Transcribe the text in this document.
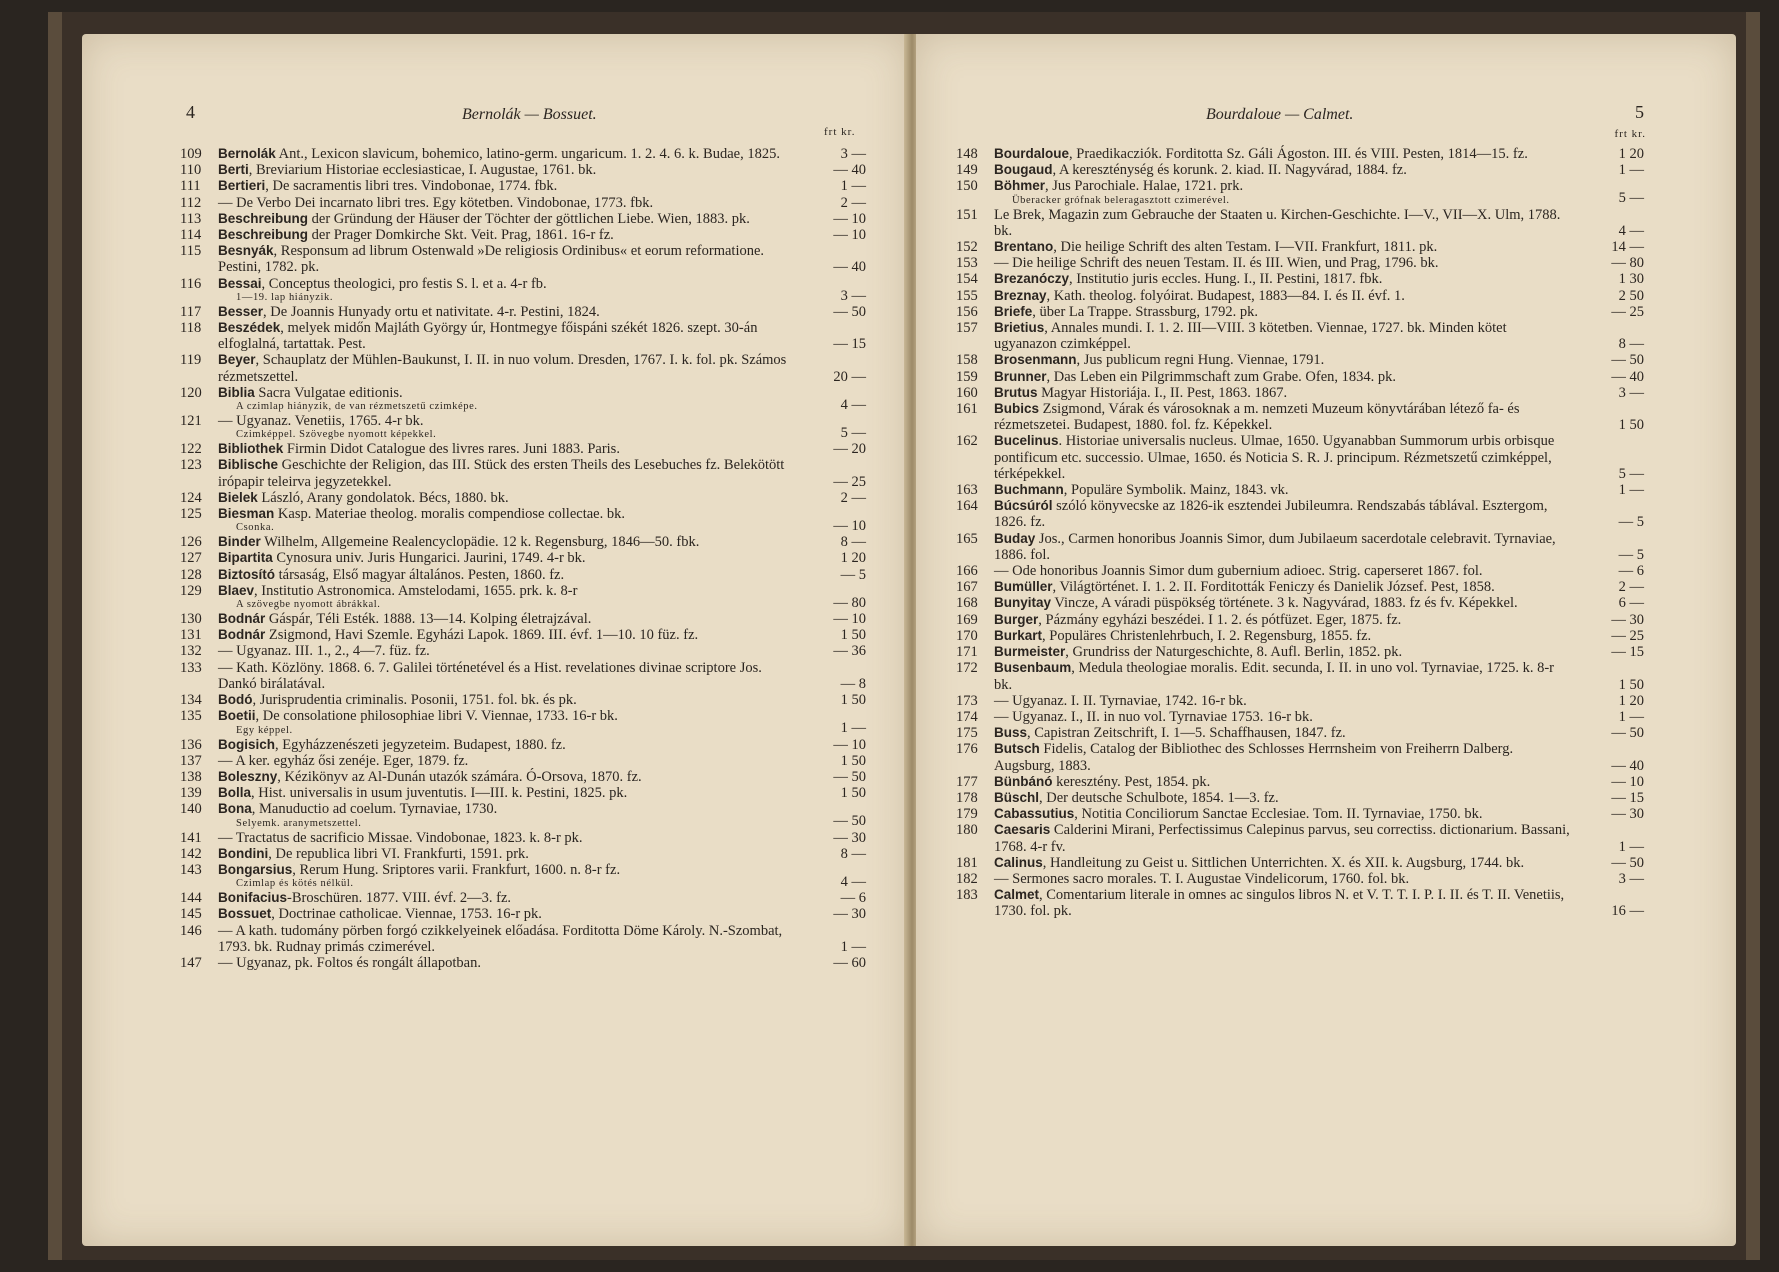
4	Bernolák — Bossuet.
frt kr.
109	Bernolák Ant., Lexicon slavicum, bohemico, latino-germ. ungaricum. 1. 2. 4. 6. k. Budae, 1825.	3 —
110	Berti, Breviarium Historiae ecclesiasticae, I. Augustae, 1761. bk.	— 40
111	Bertieri, De sacramentis libri tres. Vindobonae, 1774. fbk.	1 —
112	— De Verbo Dei incarnato libri tres. Egy kötetben. Vindobonae, 1773. fbk.	2 —
113	Beschreibung der Gründung der Häuser der Töchter der göttlichen Liebe. Wien, 1883. pk.	— 10
114	Beschreibung der Prager Domkirche Skt. Veit. Prag, 1861. 16-r fz.	— 10
115	Besnyák, Responsum ad librum Ostenwald »De religiosis Ordinibus« et eorum reformatione. Pestini, 1782. pk.	— 40
116	Bessai, Conceptus theologici, pro festis S. l. et a. 4-r fb.
1—19. lap hiányzik.	3 —
117	Besser, De Joannis Hunyady ortu et nativitate. 4-r. Pestini, 1824.	— 50
118	Beszédek, melyek midőn Majláth György úr, Hontmegye főispáni székét 1826. szept. 30-án elfoglalná, tartattak. Pest.	— 15
119	Beyer, Schauplatz der Mühlen-Baukunst, I. II. in nuo volum. Dresden, 1767. I. k. fol. pk. Számos rézmetszettel.	20 —
120	Biblia Sacra Vulgatae editionis.
A czimlap hiányzik, de van rézmetszetű czimképe.	4 —
121	— Ugyanaz. Venetiis, 1765. 4-r bk.
Czimképpel. Szövegbe nyomott képekkel.	5 —
122	Bibliothek Firmin Didot Catalogue des livres rares. Juni 1883. Paris.	— 20
123	Biblische Geschichte der Religion, das III. Stück des ersten Theils des Lesebuches fz. Belekötött irópapir teleirva jegyzetekkel.	— 25
124	Bielek László, Arany gondolatok. Bécs, 1880. bk.	2 —
125	Biesman Kasp. Materiae theolog. moralis compendiose collectae. bk.
Csonka.	— 10
126	Binder Wilhelm, Allgemeine Realencyclopädie. 12 k. Regensburg, 1846—50. fbk.	8 —
127	Bipartita Cynosura univ. Juris Hungarici. Jaurini, 1749. 4-r bk.	1 20
128	Biztosító társaság, Első magyar általános. Pesten, 1860. fz.	— 5
129	Blaev, Institutio Astronomica. Amstelodami, 1655. prk. k. 8-r
A szövegbe nyomott ábrákkal.	— 80
130	Bodnár Gáspár, Téli Esték. 1888. 13—14. Kolping életrajzával.	— 10
131	Bodnár Zsigmond, Havi Szemle. Egyházi Lapok. 1869. III. évf. 1—10. 10 füz. fz.	1 50
132	— Ugyanaz. III. 1., 2., 4—7. füz. fz.	— 36
133	— Kath. Közlöny. 1868. 6. 7. Galilei történetével és a Hist. revelationes divinae scriptore Jos. Dankó birálatával.	— 8
134	Bodó, Jurisprudentia criminalis. Posonii, 1751. fol. bk. és pk.	1 50
135	Boetii, De consolatione philosophiae libri V. Viennae, 1733. 16-r bk.
Egy képpel.	1 —
136	Bogisich, Egyházzenészeti jegyzeteim. Budapest, 1880. fz.	— 10
137	— A ker. egyház ősi zenéje. Eger, 1879. fz.	1 50
138	Boleszny, Kézikönyv az Al-Dunán utazók számára. Ó-Orsova, 1870. fz.	— 50
139	Bolla, Hist. universalis in usum juventutis. I—III. k. Pestini, 1825. pk.	1 50
140	Bona, Manuductio ad coelum. Tyrnaviae, 1730.
Selyemk. aranymetszettel.	— 50
141	— Tractatus de sacrificio Missae. Vindobonae, 1823. k. 8-r pk.	— 30
142	Bondini, De republica libri VI. Frankfurti, 1591. prk.	8 —
143	Bongarsius, Rerum Hung. Sriptores varii. Frankfurt, 1600. n. 8-r fz.
Czimlap és kötés nélkül.	4 —
144	Bonifacius-Broschüren. 1877. VIII. évf. 2—3. fz.	— 6
145	Bossuet, Doctrinae catholicae. Viennae, 1753. 16-r pk.	— 30
146	— A kath. tudomány pörben forgó czikkelyeinek előadása. Forditotta Döme Károly. N.-Szombat, 1793. bk. Rudnay primás czimerével.	1 —
147	— Ugyanaz, pk. Foltos és rongált állapotban.	— 60
Bourdaloue — Calmet.	5
frt kr.
148	Bourdaloue, Praedikacziók. Forditotta Sz. Gáli Ágoston. III. és VIII. Pesten, 1814—15. fz.	1 20
149	Bougaud, A kereszténység és korunk. 2. kiad. II. Nagyvárad, 1884. fz.	1 —
150	Böhmer, Jus Parochiale. Halae, 1721. prk.
Überacker grófnak beleragasztott czimerével.	5 —
151	Le Brek, Magazin zum Gebrauche der Staaten u. Kirchen-Geschichte. I—V., VII—X. Ulm, 1788. bk.	4 —
152	Brentano, Die heilige Schrift des alten Testam. I—VII. Frankfurt, 1811. pk.	14 —
153	— Die heilige Schrift des neuen Testam. II. és III. Wien, und Prag, 1796. bk.	— 80
154	Brezanóczy, Institutio juris eccles. Hung. I., II. Pestini, 1817. fbk.	1 30
155	Breznay, Kath. theolog. folyóirat. Budapest, 1883—84. I. és II. évf. 1.	2 50
156	Briefe, über La Trappe. Strassburg, 1792. pk.	— 25
157	Brietius, Annales mundi. I. 1. 2. III—VIII. 3 kötetben. Viennae, 1727. bk. Minden kötet ugyanazon czimképpel.	8 —
158	Brosenmann, Jus publicum regni Hung. Viennae, 1791.	— 50
159	Brunner, Das Leben ein Pilgrimmschaft zum Grabe. Ofen, 1834. pk.	— 40
160	Brutus Magyar Historiája. I., II. Pest, 1863. 1867.	3 —
161	Bubics Zsigmond, Várak és városoknak a m. nemzeti Muzeum könyvtárában létező fa- és rézmetszetei. Budapest, 1880. fol. fz. Képekkel.	1 50
162	Bucelinus. Historiae universalis nucleus. Ulmae, 1650. Ugyanabban Summorum urbis orbisque pontificum etc. successio. Ulmae, 1650. és Noticia S. R. J. principum. Rézmetszetű czimképpel, térképekkel.	5 —
163	Buchmann, Populäre Symbolik. Mainz, 1843. vk.	1 —
164	Búcsúról szóló könyvecske az 1826-ik esztendei Jubileumra. Rendszabás táblával. Esztergom, 1826. fz.	— 5
165	Buday Jos., Carmen honoribus Joannis Simor, dum Jubilaeum sacerdotale celebravit. Tyrnaviae, 1886. fol.	— 5
166	— Ode honoribus Joannis Simor dum gubernium adioec. Strig. caperseret 1867. fol.	— 6
167	Bumüller, Világtörténet. I. 1. 2. II. Forditották Feniczy és Danielik József. Pest, 1858.	2 —
168	Bunyitay Vincze, A váradi püspökség története. 3 k. Nagyvárad, 1883. fz és fv. Képekkel.	6 —
169	Burger, Pázmány egyházi beszédei. I 1. 2. és pótfüzet. Eger, 1875. fz.	— 30
170	Burkart, Populäres Christenlehrbuch, I. 2. Regensburg, 1855. fz.	— 25
171	Burmeister, Grundriss der Naturgeschichte, 8. Aufl. Berlin, 1852. pk.	— 15
172	Busenbaum, Medula theologiae moralis. Edit. secunda, I. II. in uno vol. Tyrnaviae, 1725. k. 8-r bk.	1 50
173	— Ugyanaz. I. II. Tyrnaviae, 1742. 16-r bk.	1 20
174	— Ugyanaz. I., II. in nuo vol. Tyrnaviae 1753. 16-r bk.	1 —
175	Buss, Capistran Zeitschrift, I. 1—5. Schaffhausen, 1847. fz.	— 50
176	Butsch Fidelis, Catalog der Bibliothec des Schlosses Herrnsheim von Freiherrn Dalberg. Augsburg, 1883.	— 40
177	Bünbánó keresztény. Pest, 1854. pk.	— 10
178	Büschl, Der deutsche Schulbote, 1854. 1—3. fz.	— 15
179	Cabassutius, Notitia Conciliorum Sanctae Ecclesiae. Tom. II. Tyrnaviae, 1750. bk.	— 30
180	Caesaris Calderini Mirani, Perfectissimus Calepinus parvus, seu correctiss. dictionarium. Bassani, 1768. 4-r fv.	1 —
181	Calinus, Handleitung zu Geist u. Sittlichen Unterrichten. X. és XII. k. Augsburg, 1744. bk.	— 50
182	— Sermones sacro morales. T. I. Augustae Vindelicorum, 1760. fol. bk.	3 —
183	Calmet, Comentarium literale in omnes ac singulos libros N. et V. T. T. I. P. I. II. és T. II. Venetiis, 1730. fol. pk.	16 —
